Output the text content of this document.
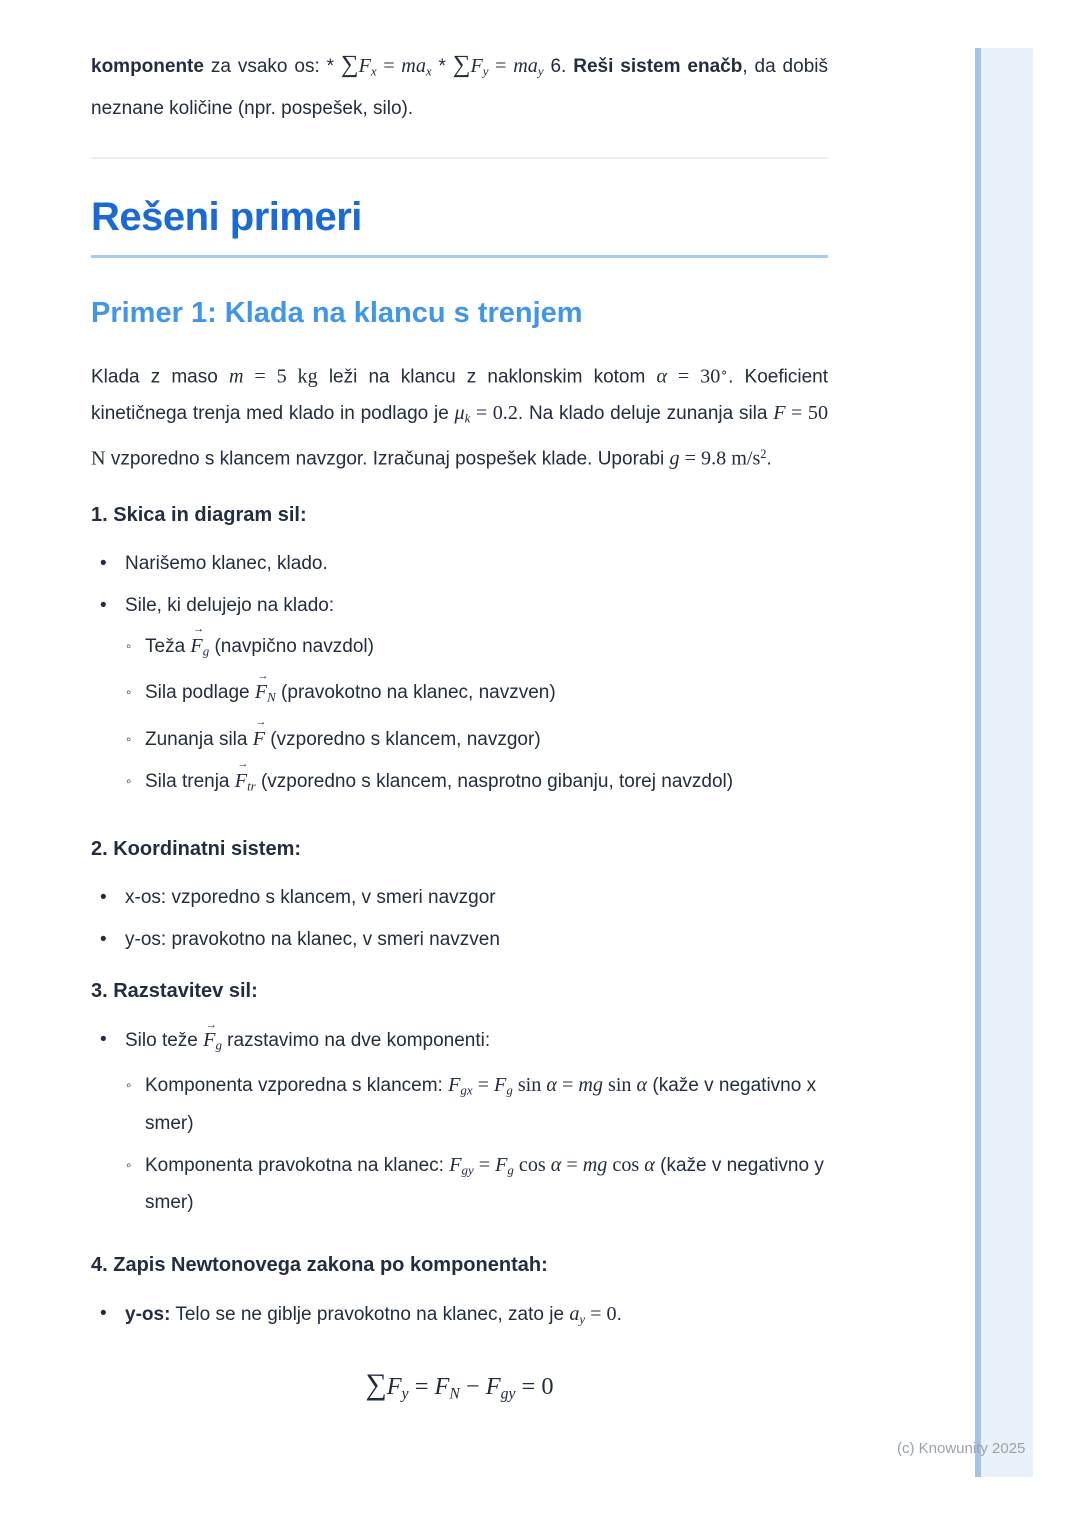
komponente za vsako os: * ∑Fx = max * ∑Fy = may 6. Reši sistem enačb, da dobiš neznane količine (npr. pospešek, silo).

Rešeni primeri
Primer 1: Klada na klancu s trenjem

Klada z maso m = 5 kg leži na klancu z naklonskim kotom α = 30∘. Koeficient kinetičnega trenja med klado in podlago je μk = 0.2. Na klado deluje zunanja sila F = 50 N vzporedno s klancem navzgor. Izračunaj pospešek klade. Uporabi g = 9.8 $m/s^2$.

1. Skica in diagram sil:
• Narišemo klanec, klado.
• Sile, ki delujejo na klado:
◦ Teža F
→
g (navpično navzdol)
◦ Sila podlage F
→
N (pravokotno na klanec, navzven)
◦ Zunanja sila F
→
(vzporedno s klancem, navzgor)
◦ Sila trenja F
→
tr (vzporedno s klancem, nasprotno gibanju, torej navzdol)
2. Koordinatni sistem:
• x-os: vzporedno s klancem, v smeri navzgor
• y-os: pravokotno na klanec, v smeri navzven
3. Razstavitev sil:
• Silo teže F
→
g razstavimo na dve komponenti:
◦ Komponenta vzporedna s klancem: Fgx = Fg sin α = mg sin α (kaže v negativno x smer)
◦ Komponenta pravokotna na klanec: Fgy = Fg cos α = mg cos α (kaže v negativno y smer)
4. Zapis Newtonovega zakona po komponentah:
• y-os: Telo se ne giblje pravokotno na klanec, zato je ay = 0.
∑Fy = FN − Fgy = 0
(c) Knowunity 2025
